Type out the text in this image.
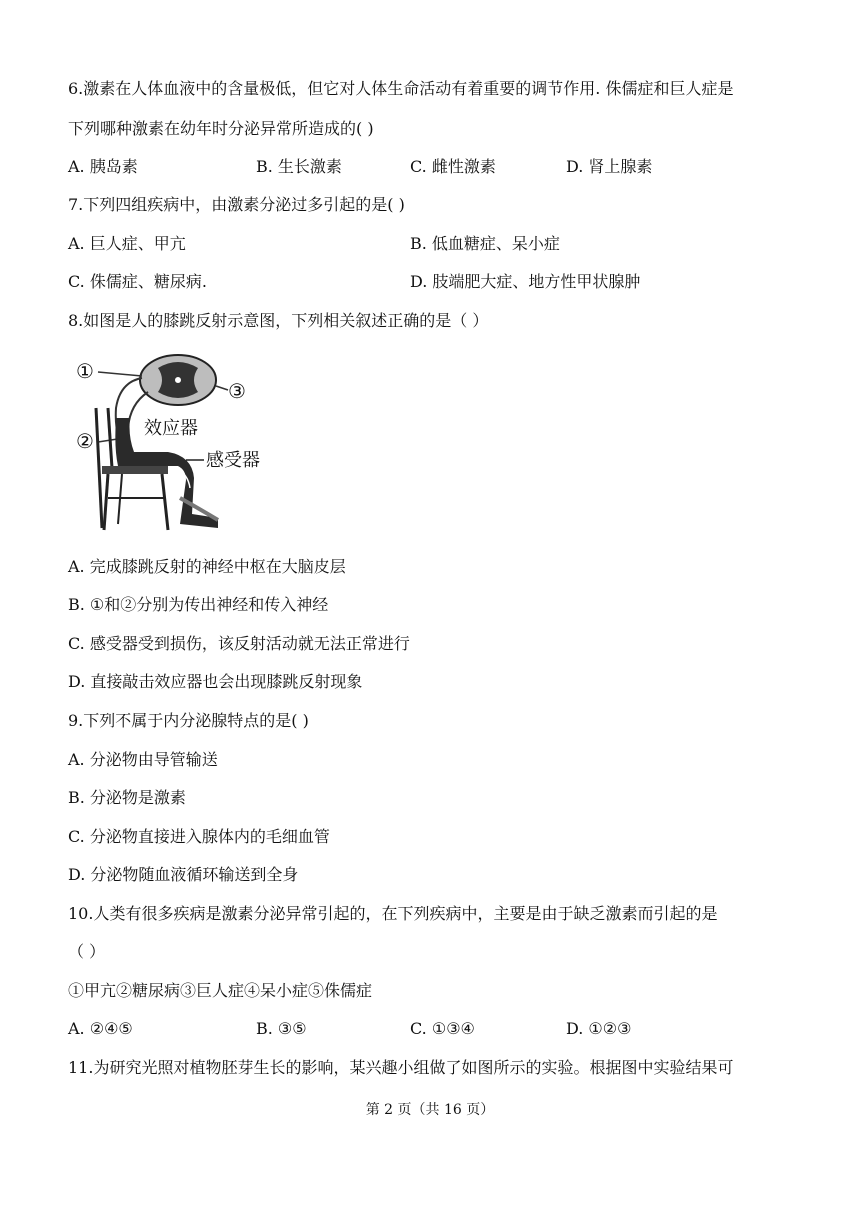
6.激素在人体血液中的含量极低，但它对人体生命活动有着重要的调节作用. 侏儒症和巨人症是
下列哪种激素在幼年时分泌异常所造成的( )
A. 胰岛素	B. 生长激素	C. 雌性激素	D. 肾上腺素
7.下列四组疾病中，由激素分泌过多引起的是( )
A. 巨人症、甲亢	B. 低血糖症、呆小症
C. 侏儒症、糖尿病.	D. 肢端肥大症、地方性甲状腺肿
8.如图是人的膝跳反射示意图，下列相关叙述正确的是（ ）
①
②
③
效应器
感受器
A. 完成膝跳反射的神经中枢在大脑皮层
B. ①和②分别为传出神经和传入神经
C. 感受器受到损伤，该反射活动就无法正常进行
D. 直接敲击效应器也会出现膝跳反射现象
9.下列不属于内分泌腺特点的是( )
A. 分泌物由导管输送
B. 分泌物是激素
C. 分泌物直接进入腺体内的毛细血管
D. 分泌物随血液循环输送到全身
10.人类有很多疾病是激素分泌异常引起的，在下列疾病中，主要是由于缺乏激素而引起的是
（ ）
①甲亢②糖尿病③巨人症④呆小症⑤侏儒症
A. ②④⑤	B. ③⑤	C. ①③④	D. ①②③
11.为研究光照对植物胚芽生长的影响，某兴趣小组做了如图所示的实验。根据图中实验结果可
第 2 页（共 16 页）
